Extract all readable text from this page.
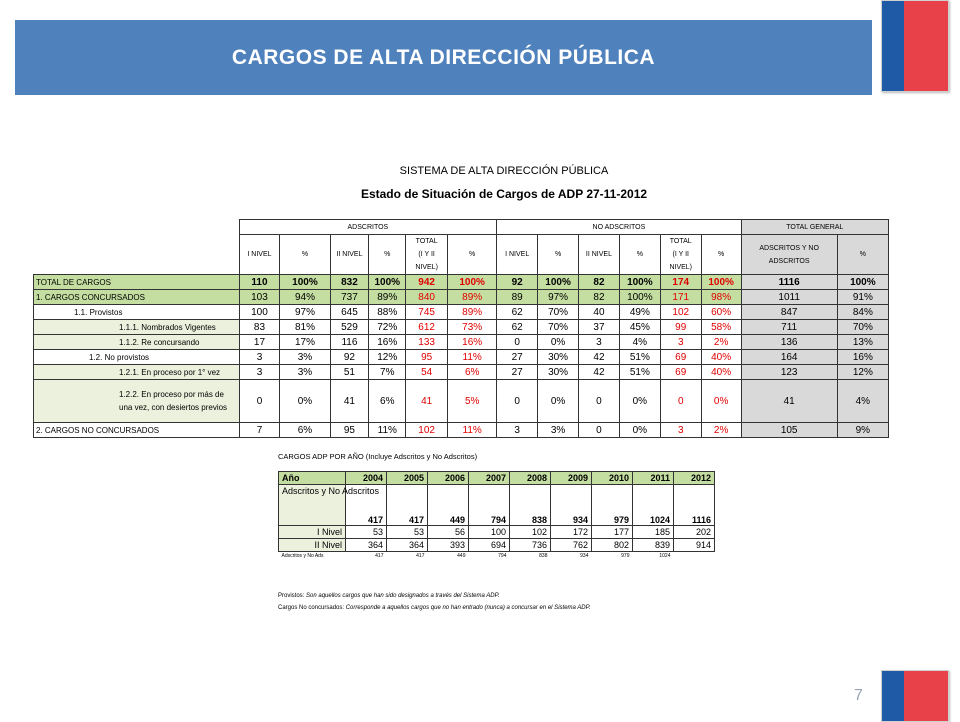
CARGOS DE ALTA DIRECCIÓN PÚBLICA
SISTEMA DE ALTA DIRECCIÓN PÚBLICA
Estado de Situación de Cargos de ADP 27-11-2012
	ADSCRITOS						NO ADSCRITOS						TOTAL GENERAL	
	I NIVEL	%	II NIVEL	%	TOTAL
(I Y II
NIVEL)	%	I NIVEL	%	II NIVEL	%	TOTAL
(I Y II
NIVEL)	%	ADSCRITOS Y NO
ADSCRITOS	%
TOTAL DE CARGOS	110	100%	832	100%	942	100%	92	100%	82	100%	174	100%	1116	100%
1. CARGOS CONCURSADOS	103	94%	737	89%	840	89%	89	97%	82	100%	171	98%	1011	91%
1.1. Provistos	100	97%	645	88%	745	89%	62	70%	40	49%	102	60%	847	84%
1.1.1. Nombrados Vigentes	83	81%	529	72%	612	73%	62	70%	37	45%	99	58%	711	70%
1.1.2. Re concursando	17	17%	116	16%	133	16%	0	0%	3	4%	3	2%	136	13%
1.2. No provistos	3	3%	92	12%	95	11%	27	30%	42	51%	69	40%	164	16%
1.2.1. En proceso por 1° vez	3	3%	51	7%	54	6%	27	30%	42	51%	69	40%	123	12%
1.2.2. En proceso por más de una vez, con desiertos previos	0	0%	41	6%	41	5%	0	0%	0	0%	0	0%	41	4%
2. CARGOS NO CONCURSADOS	7	6%	95	11%	102	11%	3	3%	0	0%	3	2%	105	9%
CARGOS ADP POR AÑO (Incluye Adscritos y No Adscritos)
Año	2004	2005	2006	2007	2008	2009	2010	2011	2012
Adscritos y No Adscritos	417	417	449	794	838	934	979	1024	1116
I Nivel	53	53	56	100	102	172	177	185	202
II Nivel	364	364	393	694	736	762	802	839	914
Adscritos y No Ads	417	417	449	794	838	934	979	1024	
Provistos: Son aquellos cargos que han sido designados a través del Sistema ADP.
Cargos No concursados: Corresponde a aquellos cargos que no han entrado (nunca) a concursar en el Sistema ADP.
7
